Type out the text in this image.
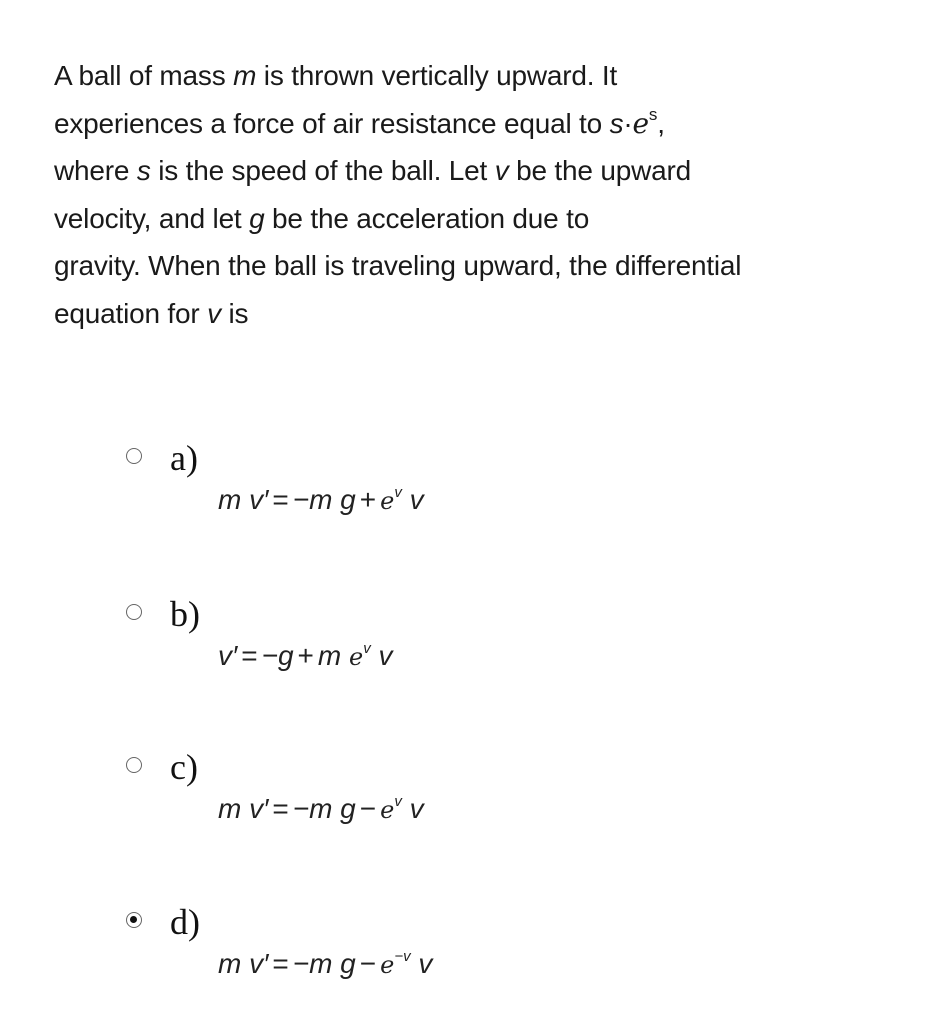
A ball of mass m is thrown vertically upward. It
experiences a force of air resistance equal to $s\cdot e^s$,
where s is the speed of the ball. Let v be the upward
velocity, and let g be the acceleration due to
gravity. When the ball is traveling upward, the differential
equation for v is
a)
m v′ = −m $g + e^v$ v
b)
v′ = −g + m $e^v$ v
c)
m v′ = −m $g - e^v$ v
d)
m v′ = −m $g - e^{-v}$ v
